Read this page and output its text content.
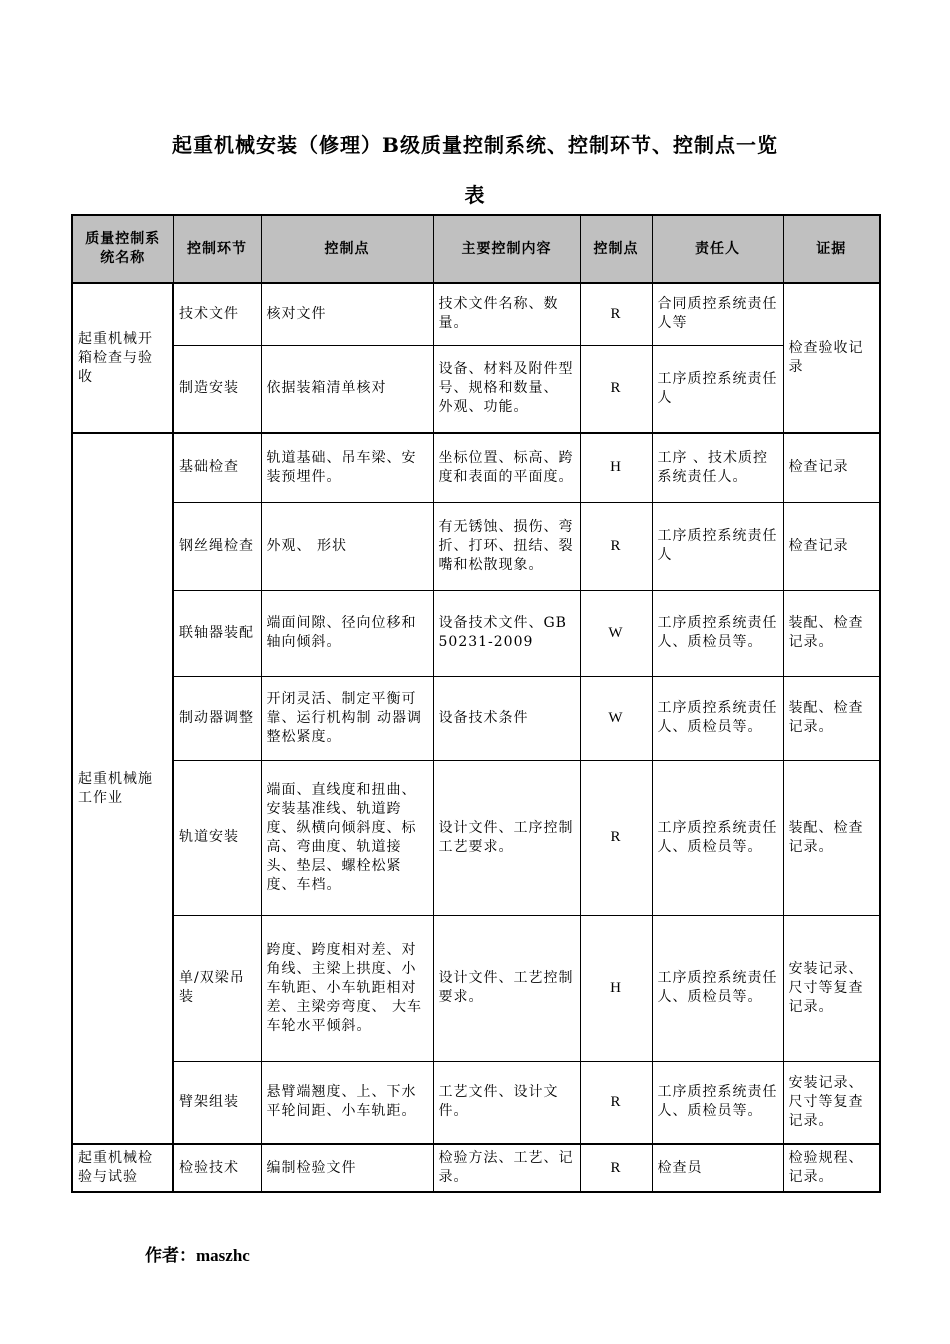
起重机械安装（修理）B级质量控制系统、控制环节、控制点一览
表
质量控制系统名称	控制环节	控制点	主要控制内容	控制点	责任人	证据
起重机械开箱检查与验收	技术文件	核对文件	技术文件名称、数量。	R	合同质控系统责任人等	检查验收记录
	制造安装	依据装箱清单核对	设备、材料及附件型号、规格和数量、 外观、功能。	R	工序质控系统责任人	
起重机械施工作业	基础检查	轨道基础、吊车梁、安装预埋件。	坐标位置、标高、跨度和表面的平面度。	H	工序 、技术质控系统责任人。	检查记录
	钢丝绳检查	外观、 形状	有无锈蚀、损伤、弯折、打环、扭结、裂嘴和松散现象。	R	工序质控系统责任人	检查记录
	联轴器装配	端面间隙、径向位移和轴向倾斜。	设备技术文件、GB50231-2009	W	工序质控系统责任人、质检员等。	装配、检查记录。
	制动器调整	开闭灵活、制定平衡可靠、运行机构制 动器调整松紧度。	设备技术条件	W	工序质控系统责任人、质检员等。	装配、检查记录。
	轨道安装	端面、直线度和扭曲、安装基准线、轨道跨度、纵横向倾斜度、标高、弯曲度、轨道接头、垫层、螺栓松紧度、车档。	设计文件、工序控制工艺要求。	R	工序质控系统责任人、质检员等。	装配、检查记录。
	单/双梁吊装	跨度、跨度相对差、对角线、主梁上拱度、小车轨距、小车轨距相对差、主梁旁弯度、 大车车轮水平倾斜。	设计文件、工艺控制要求。	H	工序质控系统责任人、质检员等。	安装记录、尺寸等复查记录。
	臂架组装	悬臂端翘度、上、下水平轮间距、小车轨距。	工艺文件、设计文件。	R	工序质控系统责任人、质检员等。	安装记录、尺寸等复查记录。
起重机械检验与试验	检验技术	编制检验文件	检验方法、工艺、记录。	R	检查员	检验规程、记录。
作者：maszhc
